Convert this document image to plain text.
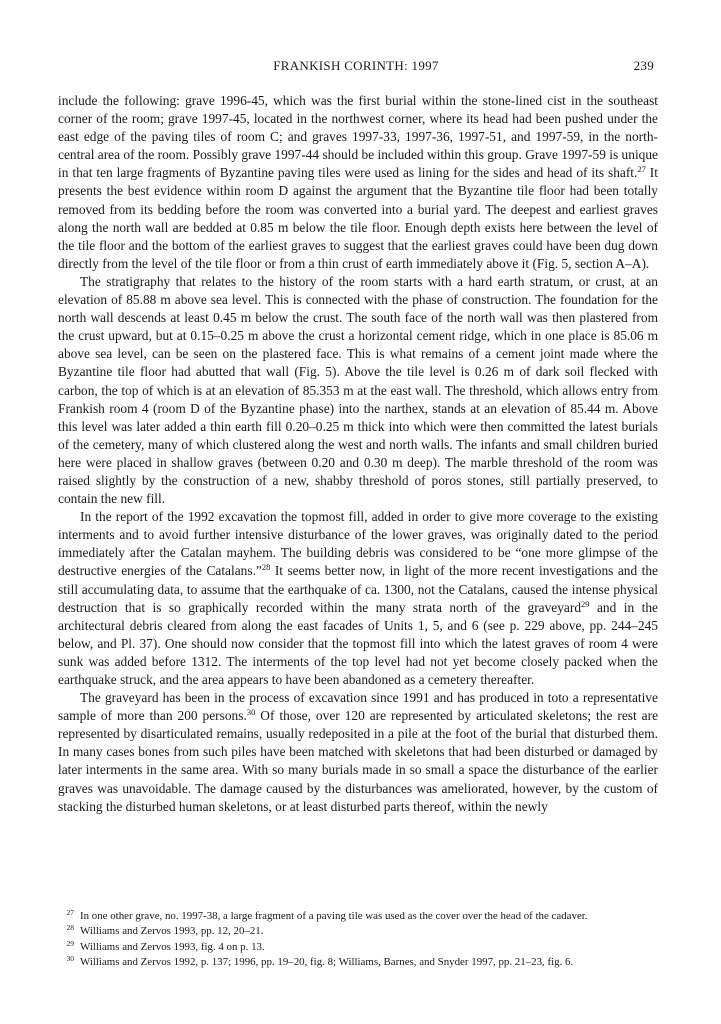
FRANKISH CORINTH: 1997	239

include the following: grave 1996-45, which was the first burial within the stone-lined cist in the southeast corner of the room; grave 1997-45, located in the northwest corner, where its head had been pushed under the east edge of the paving tiles of room C; and graves 1997-33, 1997-36, 1997-51, and 1997-59, in the north-central area of the room. Possibly grave 1997-44 should be included within this group. Grave 1997-59 is unique in that ten large fragments of Byzantine paving tiles were used as lining for the sides and head of its shaft.$^{27}$ It presents the best evidence within room D against the argument that the Byzantine tile floor had been totally removed from its bedding before the room was converted into a burial yard. The deepest and earliest graves along the north wall are bedded at 0.85 m below the tile floor. Enough depth exists here between the level of the tile floor and the bottom of the earliest graves to suggest that the earliest graves could have been dug down directly from the level of the tile floor or from a thin crust of earth immediately above it (Fig. 5, section A–A).

The stratigraphy that relates to the history of the room starts with a hard earth stratum, or crust, at an elevation of 85.88 m above sea level. This is connected with the phase of construction. The foundation for the north wall descends at least 0.45 m below the crust. The south face of the north wall was then plastered from the crust upward, but at 0.15–0.25 m above the crust a horizontal cement ridge, which in one place is 85.06 m above sea level, can be seen on the plastered face. This is what remains of a cement joint made where the Byzantine tile floor had abutted that wall (Fig. 5). Above the tile level is 0.26 m of dark soil flecked with carbon, the top of which is at an elevation of 85.353 m at the east wall. The threshold, which allows entry from Frankish room 4 (room D of the Byzantine phase) into the narthex, stands at an elevation of 85.44 m. Above this level was later added a thin earth fill 0.20–0.25 m thick into which were then committed the latest burials of the cemetery, many of which clustered along the west and north walls. The infants and small children buried here were placed in shallow graves (between 0.20 and 0.30 m deep). The marble threshold of the room was raised slightly by the construction of a new, shabby threshold of poros stones, still partially preserved, to contain the new fill.

In the report of the 1992 excavation the topmost fill, added in order to give more coverage to the existing interments and to avoid further intensive disturbance of the lower graves, was originally dated to the period immediately after the Catalan mayhem. The building debris was considered to be “one more glimpse of the destructive energies of the Catalans.”$^{28}$ It seems better now, in light of the more recent investigations and the still accumulating data, to assume that the earthquake of ca. 1300, not the Catalans, caused the intense physical destruction that is so graphically recorded within the many strata north of the graveyard$^{29}$ and in the architectural debris cleared from along the east facades of Units 1, 5, and 6 (see p. 229 above, pp. 244–245 below, and Pl. 37). One should now consider that the topmost fill into which the latest graves of room 4 were sunk was added before 1312. The interments of the top level had not yet become closely packed when the earthquake struck, and the area appears to have been abandoned as a cemetery thereafter.

The graveyard has been in the process of excavation since 1991 and has produced in toto a representative sample of more than 200 persons.$^{30}$ Of those, over 120 are represented by articulated skeletons; the rest are represented by disarticulated remains, usually redeposited in a pile at the foot of the burial that disturbed them. In many cases bones from such piles have been matched with skeletons that had been disturbed or damaged by later interments in the same area. With so many burials made in so small a space the disturbance of the earlier graves was unavoidable. The damage caused by the disturbances was ameliorated, however, by the custom of stacking the disturbed human skeletons, or at least disturbed parts thereof, within the newly

$^{27}$ In one other grave, no. 1997-38, a large fragment of a paving tile was used as the cover over the head of the cadaver.
$^{28}$ Williams and Zervos 1993, pp. 12, 20–21.
$^{29}$ Williams and Zervos 1993, fig. 4 on p. 13.
$^{30}$ Williams and Zervos 1992, p. 137; 1996, pp. 19–20, fig. 8; Williams, Barnes, and Snyder 1997, pp. 21–23, fig. 6.
